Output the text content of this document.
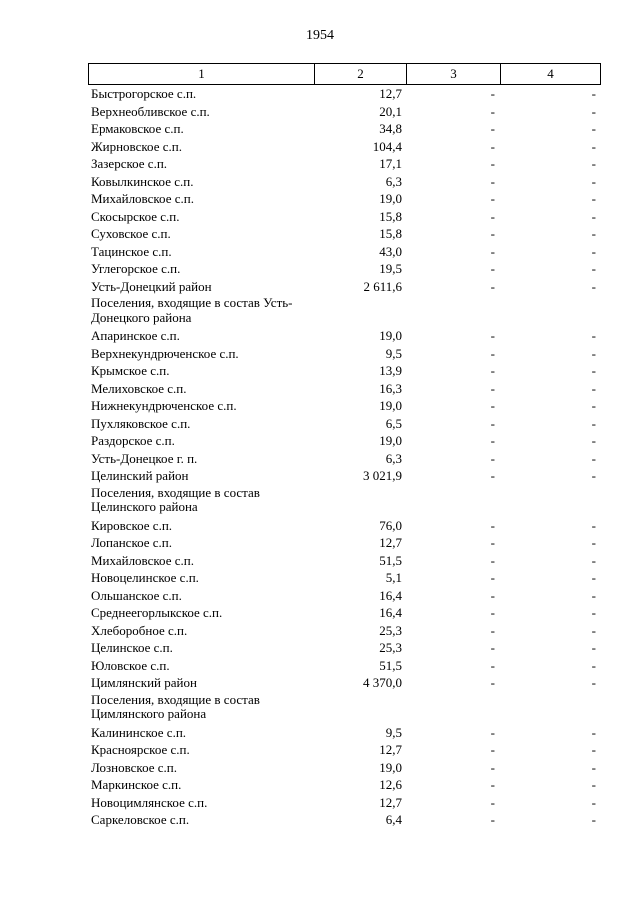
1954
1	2	3	4
Быстрогорское с.п.	12,7	-	-
Верхнеобливское с.п.	20,1	-	-
Ермаковское с.п.	34,8	-	-
Жирновское с.п.	104,4	-	-
Зазерское с.п.	17,1	-	-
Ковылкинское с.п.	6,3	-	-
Михайловское с.п.	19,0	-	-
Скосырское с.п.	15,8	-	-
Суховское с.п.	15,8	-	-
Тацинское с.п.	43,0	-	-
Углегорское с.п.	19,5	-	-
Усть-Донецкий район	2 611,6	-	-
Поселения, входящие в состав Усть-Донецкого района
Апаринское с.п.	19,0	-	-
Верхнекундрюченское с.п.	9,5	-	-
Крымское с.п.	13,9	-	-
Мелиховское с.п.	16,3	-	-
Нижнекундрюченское с.п.	19,0	-	-
Пухляковское с.п.	6,5	-	-
Раздорское с.п.	19,0	-	-
Усть-Донецкое г. п.	6,3	-	-
Целинский район	3 021,9	-	-
Поселения, входящие в состав Целинского района
Кировское с.п.	76,0	-	-
Лопанское с.п.	12,7	-	-
Михайловское с.п.	51,5	-	-
Новоцелинское с.п.	5,1	-	-
Ольшанское с.п.	16,4	-	-
Среднеегорлыкское с.п.	16,4	-	-
Хлеборобное с.п.	25,3	-	-
Целинское с.п.	25,3	-	-
Юловское с.п.	51,5	-	-
Цимлянский район	4 370,0	-	-
Поселения, входящие в состав Цимлянского района
Калининское с.п.	9,5	-	-
Красноярское с.п.	12,7	-	-
Лозновское с.п.	19,0	-	-
Маркинское с.п.	12,6	-	-
Новоцимлянское с.п.	12,7	-	-
Саркеловское с.п.	6,4	-	-
